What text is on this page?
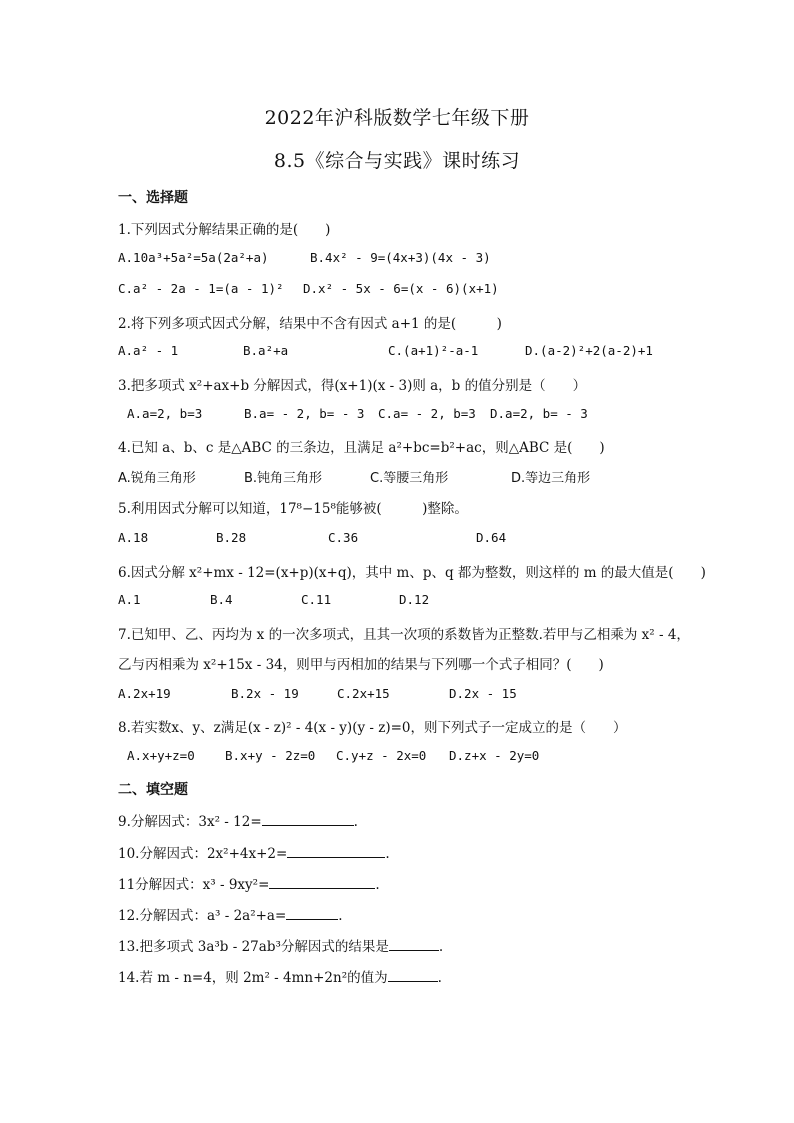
2022年沪科版数学七年级下册
8.5《综合与实践》课时练习
一、选择题
1.下列因式分解结果正确的是(　　)
A.10a³+5a²=5a(2a²+a)	B.4x² - 9=(4x+3)(4x - 3)
C.a² - 2a - 1=(a - 1)² D.x² - 5x - 6=(x - 6)(x+1)
2.将下列多项式因式分解，结果中不含有因式 a+1 的是(　　　)
A.a² - 1	B.a²+a	C.(a+1)²-a-1	D.(a-2)²+2(a-2)+1
3.把多项式 x²+ax+b 分解因式，得(x+1)(x - 3)则 a，b 的值分别是（　　）
A.a=2, b=3	B.a= - 2, b= - 3 C.a= - 2, b=3 D.a=2, b= - 3
4.已知 a、b、c 是△ABC 的三条边，且满足 a²+bc=b²+ac，则△ABC 是(　　)
A.锐角三角形	B.钝角三角形	C.等腰三角形	D.等边三角形
5.利用因式分解可以知道，17⁸−15⁸能够被(　　　)整除。
A.18	B.28	C.36	D.64
6.因式分解 x²+mx - 12=(x+p)(x+q)，其中 m、p、q 都为整数，则这样的 m 的最大值是(　　)
A.1	B.4	C.11	D.12
7.已知甲、乙、丙均为 x 的一次多项式，且其一次项的系数皆为正整数.若甲与乙相乘为 x² - 4，
乙与丙相乘为 x²+15x - 34，则甲与丙相加的结果与下列哪一个式子相同？(　　)
A.2x+19	B.2x - 19	C.2x+15	D.2x - 15
8.若实数x、y、z满足(x - z)² - 4(x - y)(y - z)=0，则下列式子一定成立的是（　　）
A.x+y+z=0 B.x+y - 2z=0 C.y+z - 2x=0 D.z+x - 2y=0
二、填空题
9.分解因式：3x² - 12=	.
10.分解因式：2x²+4x+2=	.
11分解因式：x³ - 9xy²=	.
12.分解因式：a³ - 2a²+a=	.
13.把多项式 3a³b - 27ab³分解因式的结果是	.
14.若 m - n=4，则 2m² - 4mn+2n²的值为	.
